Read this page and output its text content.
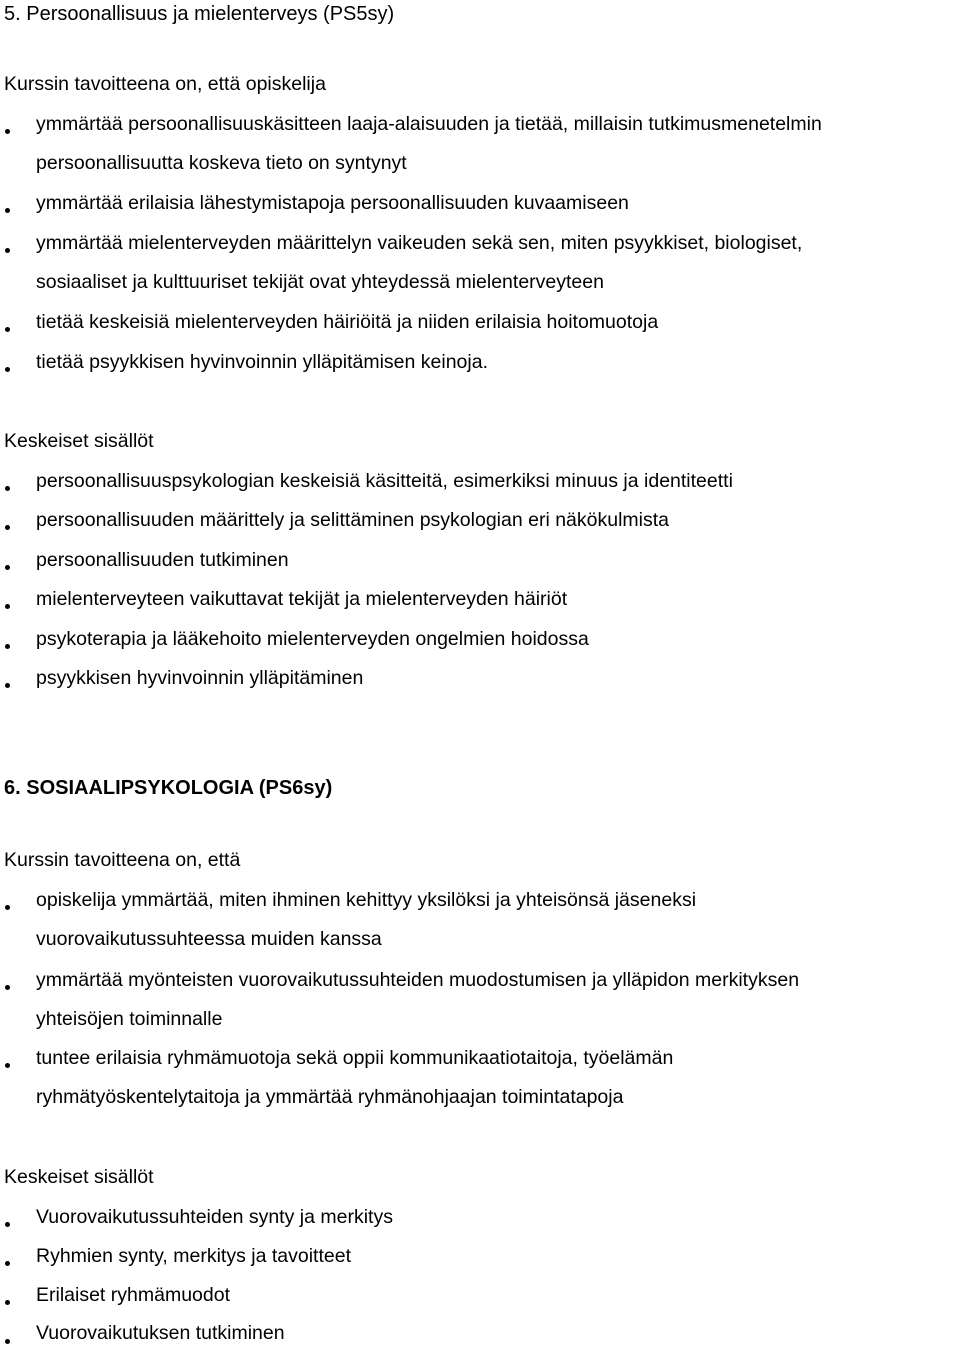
5. Persoonallisuus ja mielenterveys (PS5sy)
Kurssin tavoitteena on, että opiskelija
ymmärtää persoonallisuuskäsitteen laaja-alaisuuden ja tietää, millaisin tutkimusmenetelmin
persoonallisuutta koskeva tieto on syntynyt
ymmärtää erilaisia lähestymistapoja persoonallisuuden kuvaamiseen
ymmärtää mielenterveyden määrittelyn vaikeuden sekä sen, miten psyykkiset, biologiset,
sosiaaliset ja kulttuuriset tekijät ovat yhteydessä mielenterveyteen
tietää keskeisiä mielenterveyden häiriöitä ja niiden erilaisia hoitomuotoja
tietää psyykkisen hyvinvoinnin ylläpitämisen keinoja.
Keskeiset sisällöt
persoonallisuuspsykologian keskeisiä käsitteitä, esimerkiksi minuus ja identiteetti
persoonallisuuden määrittely ja selittäminen psykologian eri näkökulmista
persoonallisuuden tutkiminen
mielenterveyteen vaikuttavat tekijät ja mielenterveyden häiriöt
psykoterapia ja lääkehoito mielenterveyden ongelmien hoidossa
psyykkisen hyvinvoinnin ylläpitäminen
6. SOSIAALIPSYKOLOGIA (PS6sy)
Kurssin tavoitteena on, että
opiskelija ymmärtää, miten ihminen kehittyy yksilöksi ja yhteisönsä jäseneksi
vuorovaikutussuhteessa muiden kanssa
ymmärtää myönteisten vuorovaikutussuhteiden muodostumisen ja ylläpidon merkityksen
yhteisöjen toiminnalle
tuntee erilaisia ryhmämuotoja sekä oppii kommunikaatiotaitoja, työelämän
ryhmätyöskentelytaitoja ja ymmärtää ryhmänohjaajan toimintatapoja
Keskeiset sisällöt
Vuorovaikutussuhteiden synty ja merkitys
Ryhmien synty, merkitys ja tavoitteet
Erilaiset ryhmämuodot
Vuorovaikutuksen tutkiminen
